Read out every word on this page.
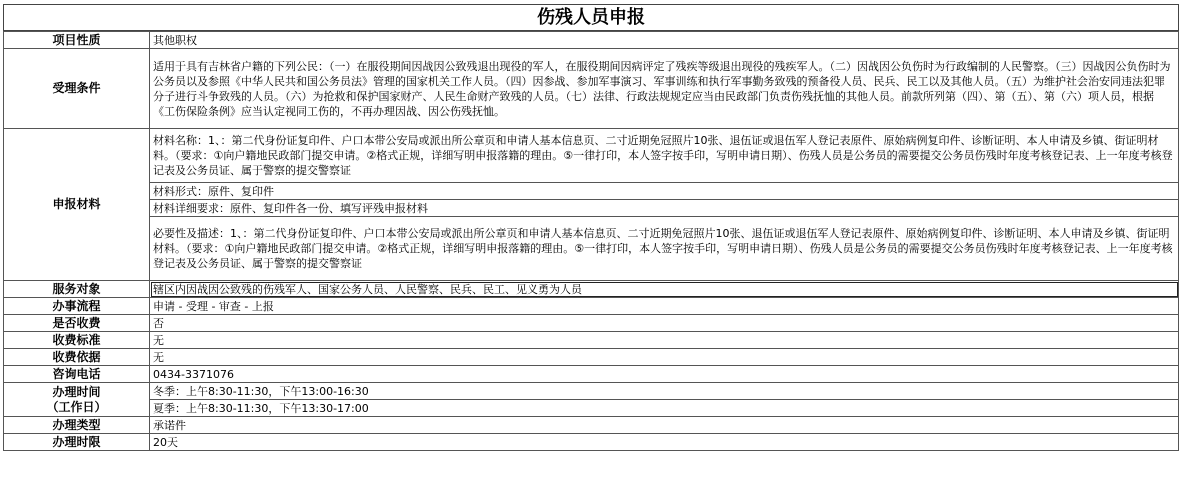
伤残人员申报
项目性质	其他职权
受理条件	适用于具有吉林省户籍的下列公民：（一）在服役期间因战因公致残退出现役的军人，在服役期间因病评定了残疾等级退出现役的残疾军人。（二）因战因公负伤时为行政编制的人民警察。（三）因战因公负伤时为公务员以及参照《中华人民共和国公务员法》管理的国家机关工作人员。（四）因参战、参加军事演习、军事训练和执行军事勤务致残的预备役人员、民兵、民工以及其他人员。（五）为维护社会治安同违法犯罪分子进行斗争致残的人员。（六）为抢救和保护国家财产、人民生命财产致残的人员。（七）法律、行政法规规定应当由民政部门负责伤残抚恤的其他人员。前款所列第（四）、第（五）、第（六）项人员，根据《工伤保险条例》应当认定视同工伤的，不再办理因战、因公伤残抚恤。
申报材料	材料名称：1、：第二代身份证复印件、户口本带公安局或派出所公章页和申请人基本信息页、二寸近期免冠照片10张、退伍证或退伍军人登记表原件、原始病例复印件、诊断证明、本人申请及乡镇、街证明材料。（要求：①向户籍地民政部门提交申请。②格式正规，详细写明申报落籍的理由。⑤一律打印，本人签字按手印，写明申请日期）、伤残人员是公务员的需要提交公务员伤残时年度考核登记表、上一年度考核登记表及公务员证、属于警察的提交警察证
	材料形式：原件、复印件
	材料详细要求：原件、复印件各一份、填写评残申报材料
	必要性及描述：1、：第二代身份证复印件、户口本带公安局或派出所公章页和申请人基本信息页、二寸近期免冠照片10张、退伍证或退伍军人登记表原件、原始病例复印件、诊断证明、本人申请及乡镇、街证明材料。（要求：①向户籍地民政部门提交申请。②格式正规，详细写明申报落籍的理由。⑤一律打印，本人签字按手印，写明申请日期）、伤残人员是公务员的需要提交公务员伤残时年度考核登记表、上一年度考核登记表及公务员证、属于警察的提交警察证
服务对象	辖区内因战因公致残的伤残军人、国家公务人员、人民警察、民兵、民工、见义勇为人员
办事流程	申请 - 受理 - 审查 - 上报
是否收费	否
收费标准	无
收费依据	无
咨询电话	0434-3371076

办理时间
（工作日）	冬季：上午8:30-11:30，下午13:00-16:30
	夏季：上午8:30-11:30，下午13:30-17:00
办理类型	承诺件
办理时限	20天
